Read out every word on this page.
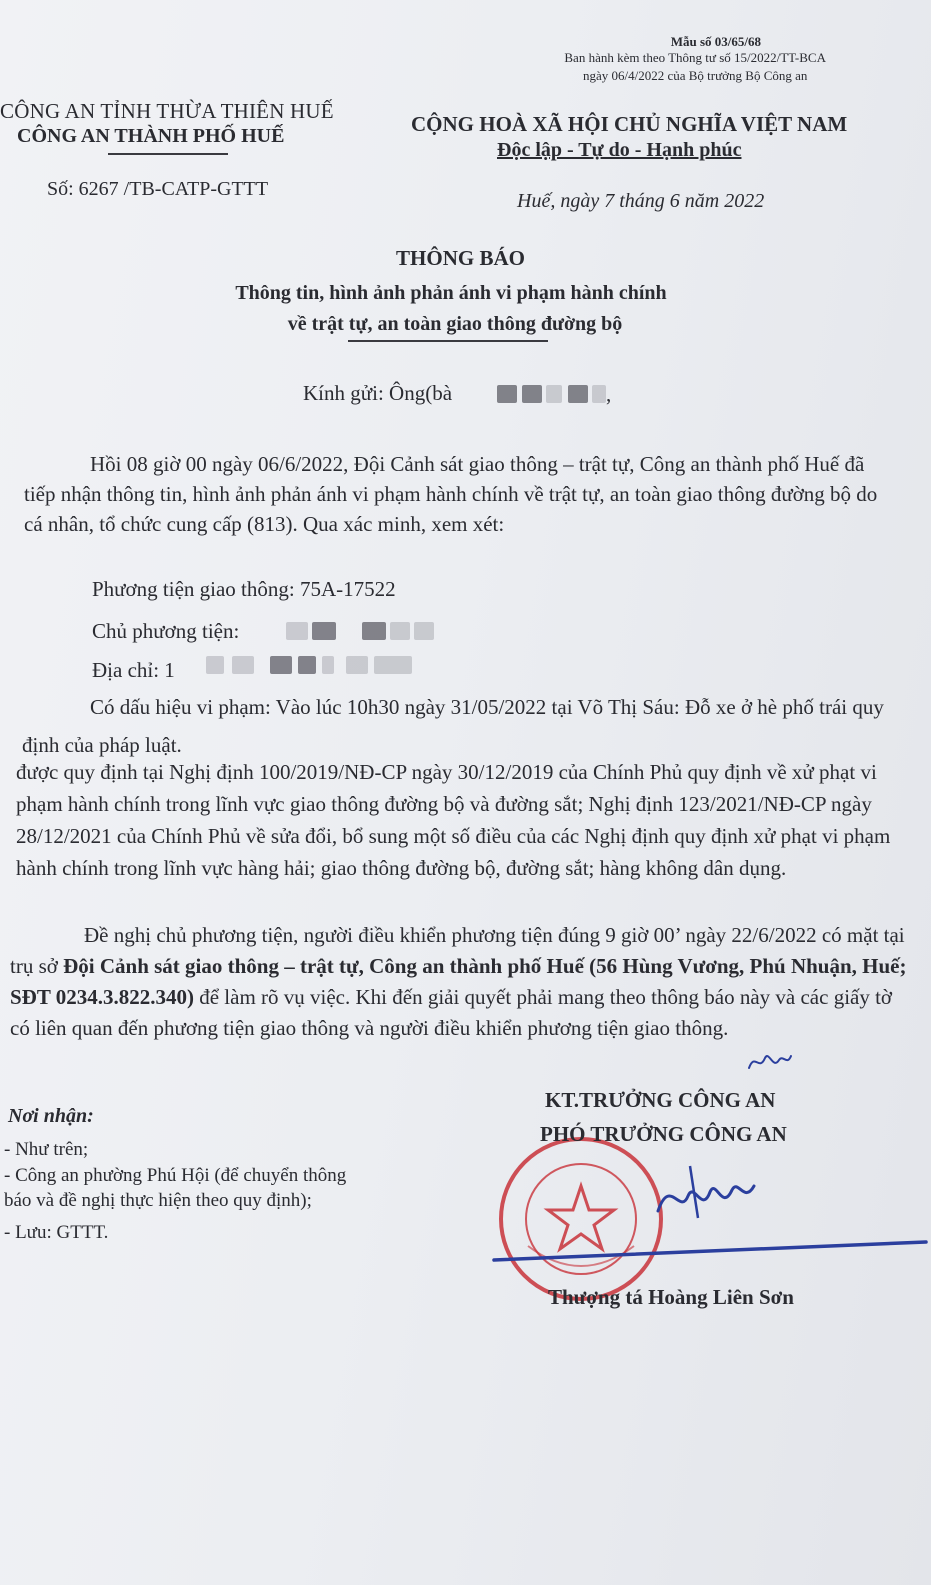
Mẫu số 03/65/68
Ban hành kèm theo Thông tư số 15/2022/TT-BCA
ngày 06/4/2022 của Bộ trưởng Bộ Công an
CÔNG AN TỈNH THỪA THIÊN HUẾ
CÔNG AN THÀNH PHỐ HUẾ	CỘNG HOÀ XÃ HỘI CHỦ NGHĨA VIỆT NAM
Độc lập - Tự do - Hạnh phúc
Số: 6267 /TB-CATP-GTTT
Huế, ngày 7 tháng 6 năm 2022
THÔNG BÁO
Thông tin, hình ảnh phản ánh vi phạm hành chính
về trật tự, an toàn giao thông đường bộ
Kính gửi: Ông(bà	,
Hồi 08 giờ 00 ngày 06/6/2022, Đội Cảnh sát giao thông – trật tự, Công an thành phố Huế đã tiếp nhận thông tin, hình ảnh phản ánh vi phạm hành chính về trật tự, an toàn giao thông đường bộ do cá nhân, tổ chức cung cấp (813). Qua xác minh, xem xét:
Phương tiện giao thông: 75A-17522
Chủ phương tiện:
Địa chỉ: 1
Có dấu hiệu vi phạm: Vào lúc 10h30 ngày 31/05/2022 tại Võ Thị Sáu: Đỗ xe ở hè phố trái quy định của pháp luật.
được quy định tại Nghị định 100/2019/NĐ-CP ngày 30/12/2019 của Chính Phủ quy định về xử phạt vi phạm hành chính trong lĩnh vực giao thông đường bộ và đường sắt; Nghị định 123/2021/NĐ-CP ngày 28/12/2021 của Chính Phủ về sửa đổi, bổ sung một số điều của các Nghị định quy định xử phạt vi phạm hành chính trong lĩnh vực hàng hải; giao thông đường bộ, đường sắt; hàng không dân dụng.
Đề nghị chủ phương tiện, người điều khiển phương tiện đúng 9 giờ 00’ ngày 22/6/2022 có mặt tại trụ sở Đội Cảnh sát giao thông – trật tự, Công an thành phố Huế (56 Hùng Vương, Phú Nhuận, Huế; SĐT 0234.3.822.340) để làm rõ vụ việc. Khi đến giải quyết phải mang theo thông báo này và các giấy tờ có liên quan đến phương tiện giao thông và người điều khiển phương tiện giao thông.
Nơi nhận:
- Như trên;
- Công an phường Phú Hội (để chuyển thông
báo và đề nghị thực hiện theo quy định);
- Lưu: GTTT.
KT.TRƯỞNG CÔNG AN
PHÓ TRƯỞNG CÔNG AN
Thượng tá Hoàng Liên Sơn
